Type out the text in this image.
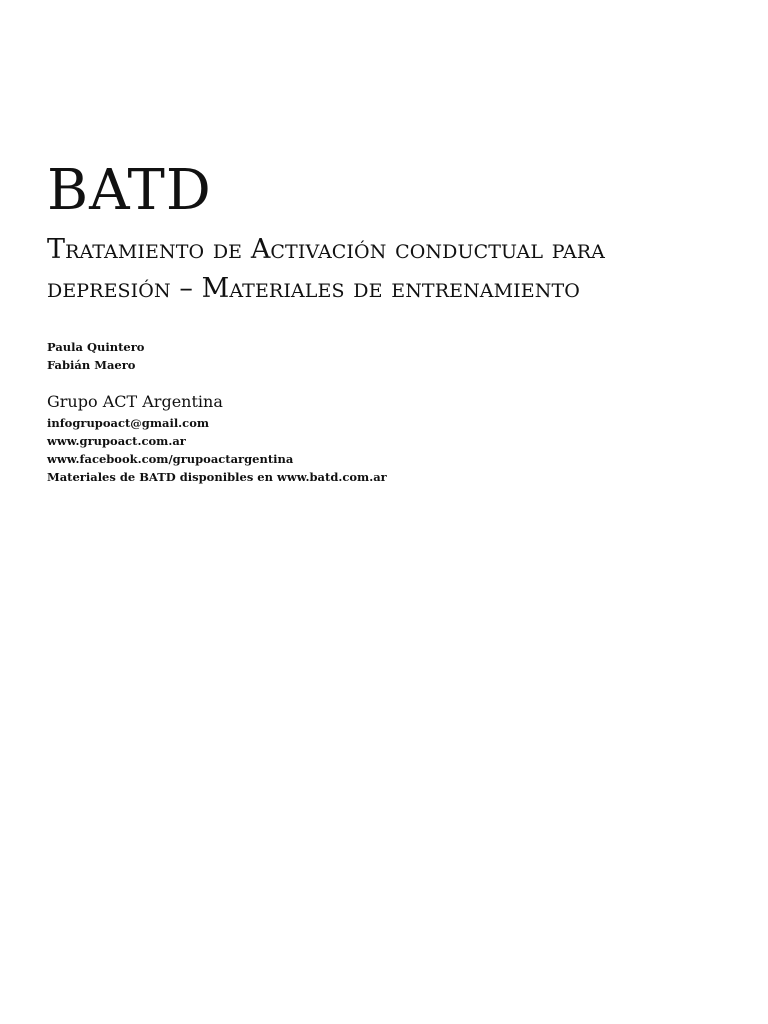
BATD
Tratamiento de Activación conductual para depresión – Materiales de entrenamiento
Paula Quintero
Fabián Maero
Grupo ACT Argentina
infogrupoact@gmail.com
www.grupoact.com.ar
www.facebook.com/grupoactargentina
Materiales de BATD disponibles en www.batd.com.ar
